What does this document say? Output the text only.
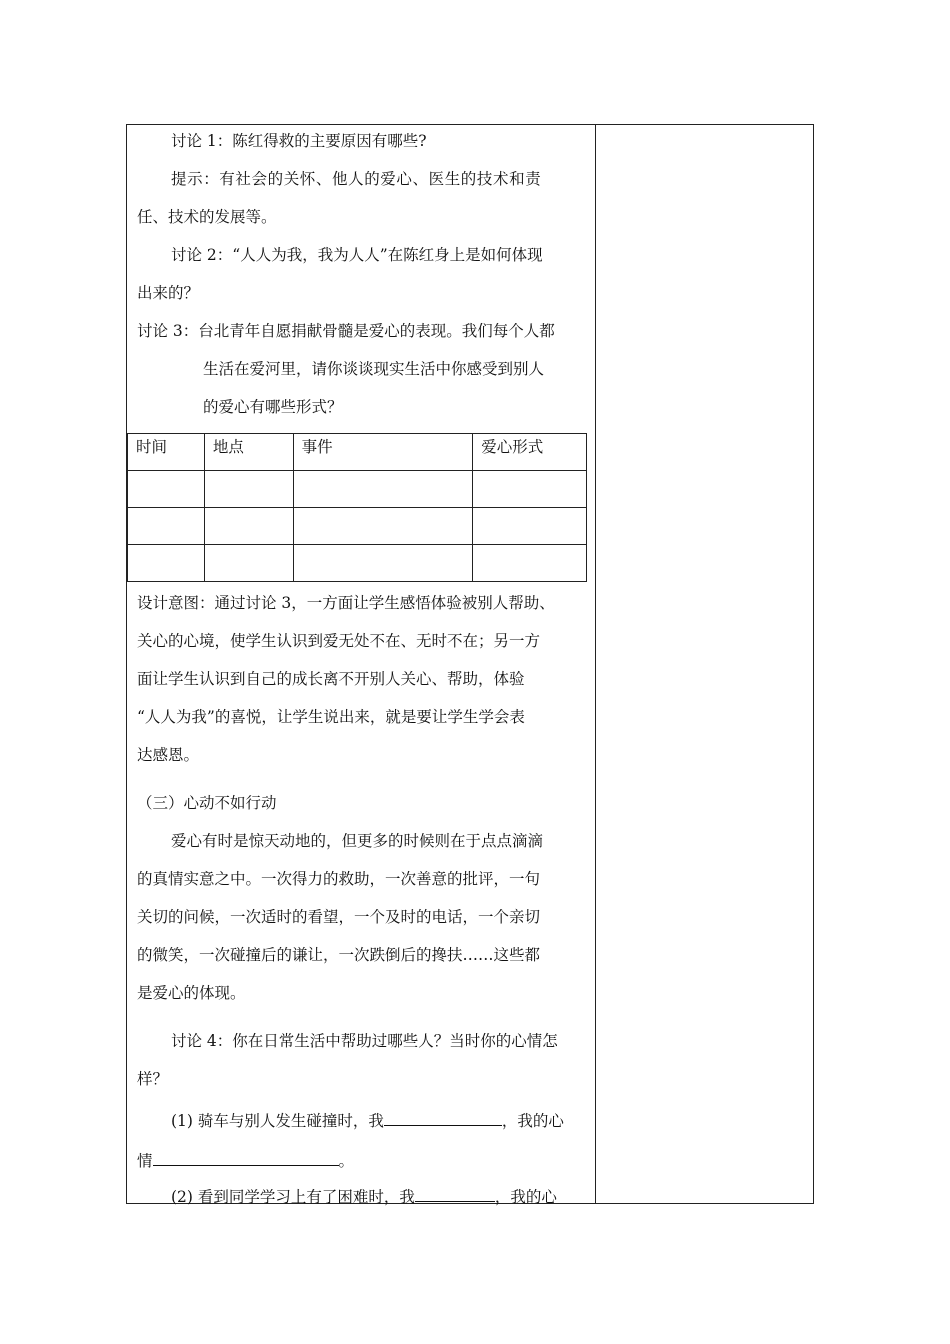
讨论 1：陈红得救的主要原因有哪些?
提示：有社会的关怀、他人的爱心、医生的技术和责
任、技术的发展等。
讨论 2：“人人为我，我为人人”在陈红身上是如何体现
出来的？
讨论 3：台北青年自愿捐献骨髓是爱心的表现。我们每个人都
生活在爱河里，请你谈谈现实生活中你感受到别人
的爱心有哪些形式？
时间	地点	事件	爱心形式

设计意图：通过讨论 3，一方面让学生感悟体验被别人帮助、
关心的心境，使学生认识到爱无处不在、无时不在；另一方
面让学生认识到自己的成长离不开别人关心、帮助，体验
“人人为我”的喜悦，让学生说出来，就是要让学生学会表
达感恩。
（三）心动不如行动
爱心有时是惊天动地的，但更多的时候则在于点点滴滴
的真情实意之中。一次得力的救助，一次善意的批评，一句
关切的问候，一次适时的看望，一个及时的电话，一个亲切
的微笑，一次碰撞后的谦让，一次跌倒后的搀扶……这些都
是爱心的体现。
讨论 4：你在日常生活中帮助过哪些人？当时你的心情怎
样？
(1) 骑车与别人发生碰撞时，我	，我的心
情	。
(2) 看到同学学习上有了困难时，我	，我的心
